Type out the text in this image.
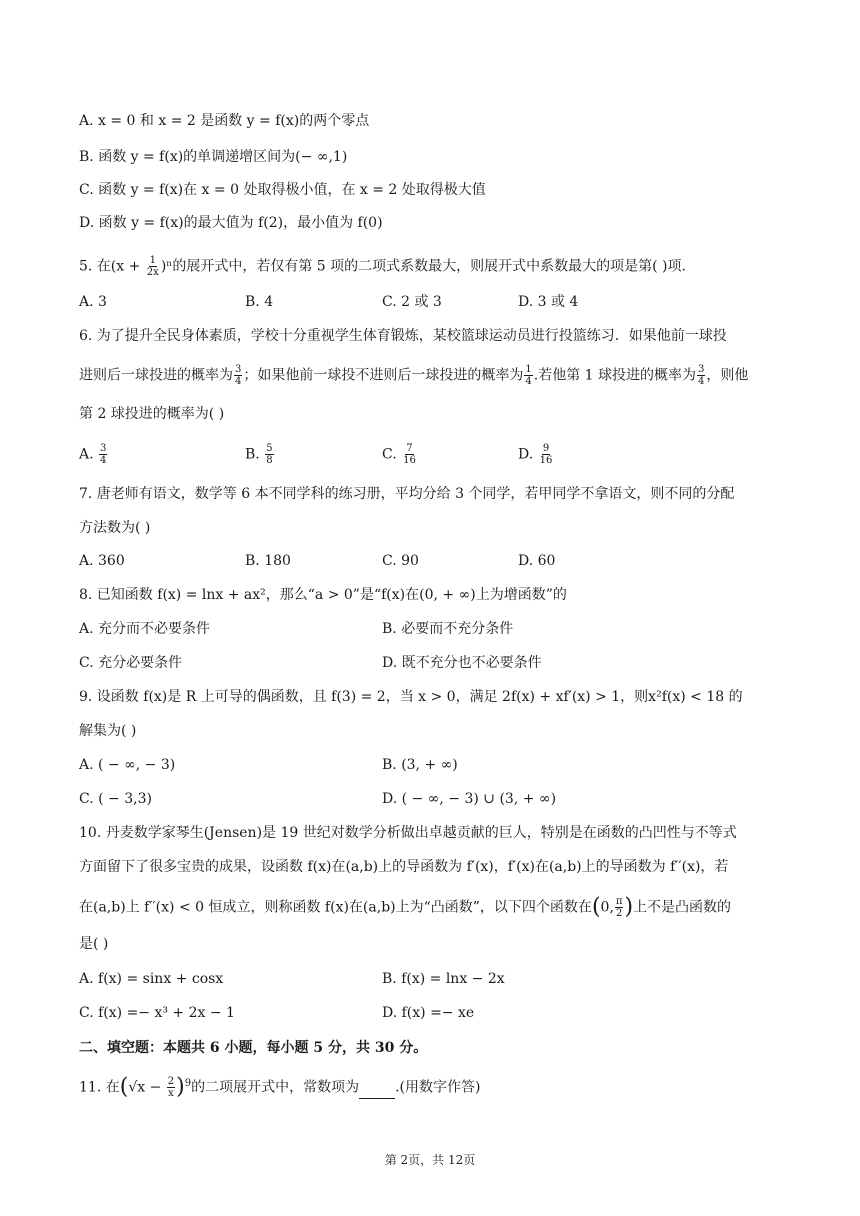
A. x = 0 和 x = 2 是函数 y = f(x)的两个零点
B. 函数 y = f(x)的单调递增区间为(− ∞,1)
C. 函数 y = f(x)在 x = 0 处取得极小值，在 x = 2 处取得极大值
D. 函数 y = f(x)的最大值为 f(2)，最小值为 f(0)
5. 在$(x + \frac{1}{2x} )^n$的展开式中，若仅有第 5 项的二项式系数最大，则展开式中系数最大的项是第( )项.
A. 3	B. 4	C. 2 或 3	D. 3 或 4
6. 为了提升全民身体素质，学校十分重视学生体育锻炼，某校篮球运动员进行投篮练习．如果他前一球投
进则后一球投进的概率为 $\frac{3}{4}$ ；如果他前一球投不进则后一球投进的概率为 $\frac{1}{4}$ .若他第 1 球投进的概率为 $\frac{3}{4}$ ，则他
第 2 球投进的概率为( )
A. $\frac{3}{4}$	B. $\frac{5}{8}$	C. $\frac{7}{16}$	D. $\frac{9}{16}$
7. 唐老师有语文，数学等 6 本不同学科的练习册，平均分给 3 个同学，若甲同学不拿语文，则不同的分配
方法数为( )
A. 360	B. 180	C. 90	D. 60
8. 已知函数 f(x) = lnx + ax²，那么“a > 0”是“f(x)在(0, + ∞)上为增函数”的
A. 充分而不必要条件	B. 必要而不充分条件
C. 充分必要条件	D. 既不充分也不必要条件
9. 设函数 f(x)是 R 上可导的偶函数，且 f(3) = 2，当 x > 0，满足 2f(x) + xf′(x) > 1，则x²f(x) < 18 的
解集为( )
A. ( − ∞, − 3)	B. (3, + ∞)
C. ( − 3,3)	D. ( − ∞, − 3) ∪ (3, + ∞)
10. 丹麦数学家琴生(Jensen)是 19 世纪对数学分析做出卓越贡献的巨人，特别是在函数的凸凹性与不等式
方面留下了很多宝贵的成果，设函数 f(x)在(a,b)上的导函数为 f′(x)，f′(x)在(a,b)上的导函数为 f′′(x)，若
在(a,b)上 f′′(x) < 0 恒成立，则称函数 f(x)在(a,b)上为“凸函数”，以下四个函数在(0, $\frac{\pi}{2}$ )上不是凸函数的
是( )
A. f(x) = sinx + cosx	B. f(x) = lnx − 2x
C. f(x) =− x³ + 2x − 1	D. f(x) =− xe
二、填空题：本题共 6 小题，每小题 5 分，共 30 分。
11. 在$(√x - \frac{2}{x} )^9$的二项展开式中，常数项为	.(用数字作答)
第 2页，共 12页
